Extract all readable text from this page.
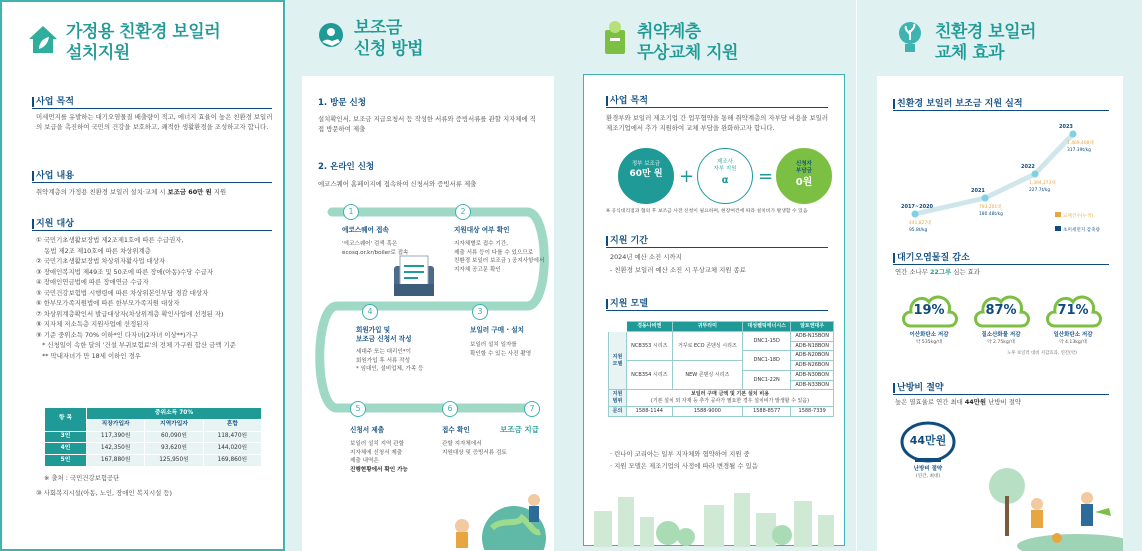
가정용 친환경 보일러
설치지원
사업 목적
미세먼지를 유발하는 대기오염물질 배출량이 적고, 에너지 효율이 높은 친환경 보일러의 보급을 촉진하여 국민의 건강을 보호하고, 쾌적한 생활환경을 조성하고자 합니다.
사업 내용
취약계층의 가정용 친환경 보일러 설치·교체 시 보조금 60만 원 지원
지원 대상
① 국민기초생활보장법 제2조제1호에 따른 수급권자,
동법 제2조 제10호에 따른 차상위계층
② 국민기초생활보장법 차상위자활사업 대상자
③ 장애인복지법 제49조 및 50조에 따른 장애(아동)수당 수급자
④ 장애인연금법에 따른 장애연금 수급자
⑤ 국민건강보험법 시행령에 따른 차상위본인부담 경감 대상자
⑥ 한부모가족지원법에 따른 한부모가족지원 대상자
⑦ 차상위계층확인서 발급대상자(차상위계층 확인사업에 선정된 자)
⑧ 지자체 저소득층 지원사업에 선정된자
⑨ 기준 중위소득 70% 이하*인 다자녀(2자녀 이상**)가구
* 신청일이 속한 달의 '건설 부귀보험료'의 전체 가구원 합산 금액 기준
** 막내자녀가 만 18세 이하인 경우
항 목	중위소득 70%		
	직장가입자	지역가입자	혼합
3인	117,390원	60,090원	118,470원
4인	142,350원	93,620원	144,020원
5인	167,880원	125,950원	169,860원
※ 출처 : 국민건강보험공단
⑩ 사회복지시설(아동, 노인, 장애인 복지시설 등)
보조금
신청 방법
1. 방문 신청
설치확인서, 보조금 지급요청서 등 작성한 서류와 증빙서류를 관할 지자체에 직접 방문하여 제출
2. 온라인 신청
에코스퀘어 홈페이지에 접속하여 신청서와 증빙서류 제출
1
에코스퀘어 접속
'에코스퀘어' 검색 혹은
ecosq.or.kr/boiler로 접속
2
지원대상 여부 확인
지자체별로 접수 기간,
제출 서류 등이 다를 수 있으므로
친환경 보일러 보조금 ) 공지사항에서
지자체 공고문 확인
3
보일러 구매 · 설치
보일러 설치 일자를
확인할 수 있는 사진 촬영
4
회원가입 및
보조금 신청서 작성
세대주 또는 대리인*이
회원가입 후 서류 작성
* 임대인, 설비업체, 가족 등
5
신청서 제출
보일러 설치 지역 관할
지자체에 신청서 제출
제출 내역은
진행현황에서 확인 가능
6
접수 확인
관할 지자체에서
지원대상 및 증빙서류 검토
7
보조금 지급
취약계층
무상교체 지원
사업 목적
환경부와 보일러 제조기업 간 업무협약을 통해 취약계층의 자부담 비용을 보일러 제조기업에서 추가 지원하여 교체 부담을 완화하고자 합니다.
정부 보조금
60만 원 +
제조사
자부 지원
α	=
신청자
부담금
0원
※ 공식대리점과 협의 후 보조금 사전 신청이 필요하며, 현장여건에 따라 설치비가 발생할 수 있음
지원 기간
2024년 예산 소진 시까지
- 친환경 보일러 예산 소진 시 무상교체 지원 종료
지원 모델
	경동나비엔	귀뚜라미	대성쎌틱에너시스	알토엔대우
지원 모델	NCB353 시리즈	거꾸로 ECO 콘덴싱 시리즈	DNC1-15D	ADB-N15BON
				ADB-N18BON
			DNC1-18D	ADB-N20BON
	NCB354 시리즈	NEW 콘덴싱 시리즈		ADB-N26BON
			DNC1-22N	ADB-N30BON
				ADB-N33BON
지원 범위	보일러 구매 금액 및 기본 설치 비용
(기본 설치 외 자재 등 추가 공사가 필요한 경우 설치비가 발생할 수 있음)			

문의	1588-1144	1588-9000	1588-8577	1588-7339
· 린나이 코리아는 일부 지자체와 협약하여 지원 중
· 지원 모델은 제조기업의 사정에 따라 변경될 수 있음
친환경 보일러
교체 효과
친환경 보일러 보조금 지원 실적
2017~2020
441,827대
95.8t/kg
2021
793,201대
180.48t/kg
2022
1,394,273대
227.7t/kg
2023
1,469,408대
317.39t/kg
교체건수(누적)
초미세먼지 감축량
대기오염물질 감소
연간 소나무 22그루 심는 효과
19%
이산화탄소 저감
약 535kg/대
87%
질소산화물 저감
약 2.75kg/대
71%
일산화탄소 저감
약 4.13kg/대
노후 보일러 대비 저감효과, 연간(약)
난방비 절약
높은 열효율로 연간 최대 44만원 난방비 절약
44만원
난방비 절약
(연간, 최대)
